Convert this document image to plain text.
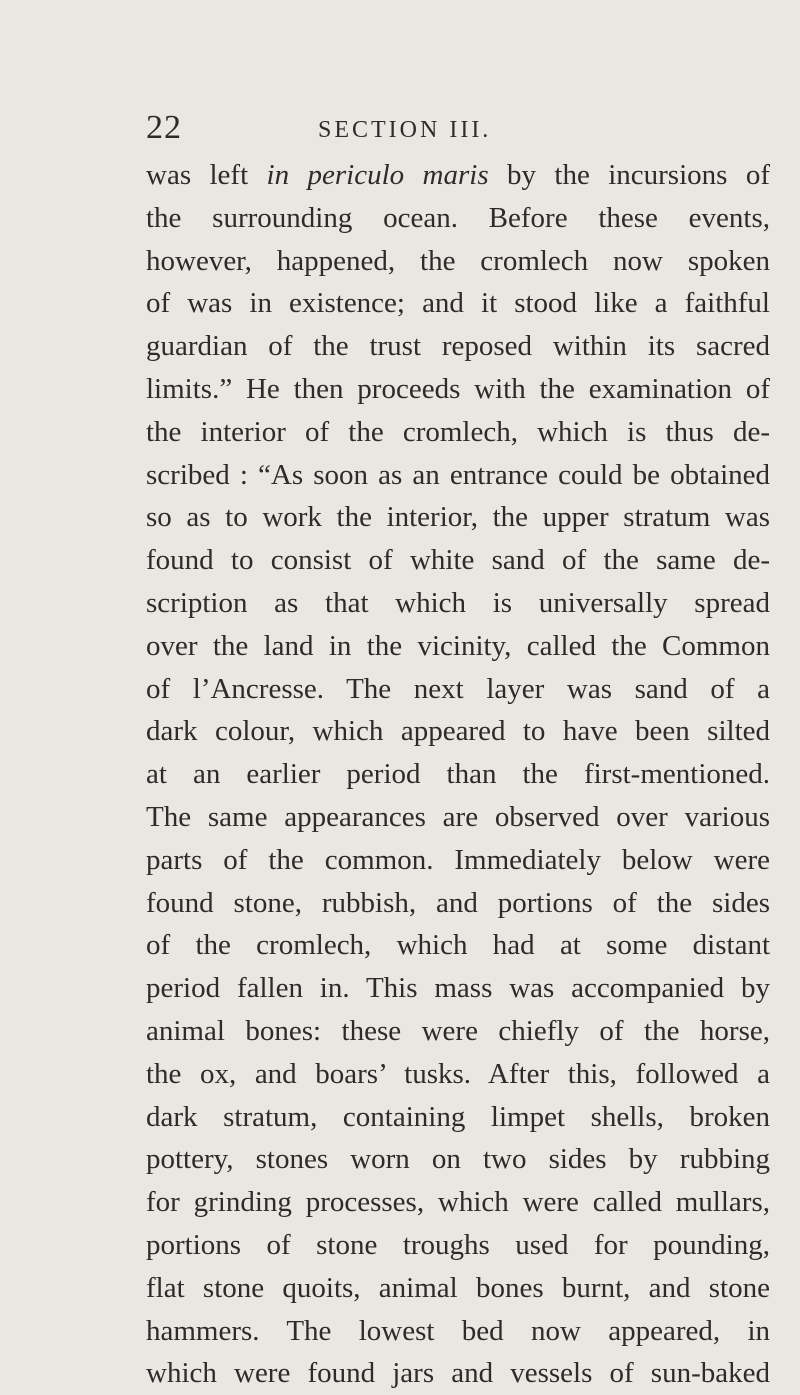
22	SECTION III.
was left in periculo maris by the incursions of
the surrounding ocean. Before these events,
however, happened, the cromlech now spoken
of was in existence; and it stood like a faithful
guardian of the trust reposed within its sacred
limits.” He then proceeds with the examination of
the interior of the cromlech, which is thus de-
scribed : “As soon as an entrance could be obtained
so as to work the interior, the upper stratum was
found to consist of white sand of the same de-
scription as that which is universally spread
over the land in the vicinity, called the Common
of l’Ancresse. The next layer was sand of a
dark colour, which appeared to have been silted
at an earlier period than the first-mentioned.
The same appearances are observed over various
parts of the common. Immediately below were
found stone, rubbish, and portions of the sides
of the cromlech, which had at some distant
period fallen in. This mass was accompanied by
animal bones: these were chiefly of the horse,
the ox, and boars’ tusks. After this, followed a
dark stratum, containing limpet shells, broken
pottery, stones worn on two sides by rubbing
for grinding processes, which were called mullars,
portions of stone troughs used for pounding,
flat stone quoits, animal bones burnt, and stone
hammers. The lowest bed now appeared, in
which were found jars and vessels of sun-baked
